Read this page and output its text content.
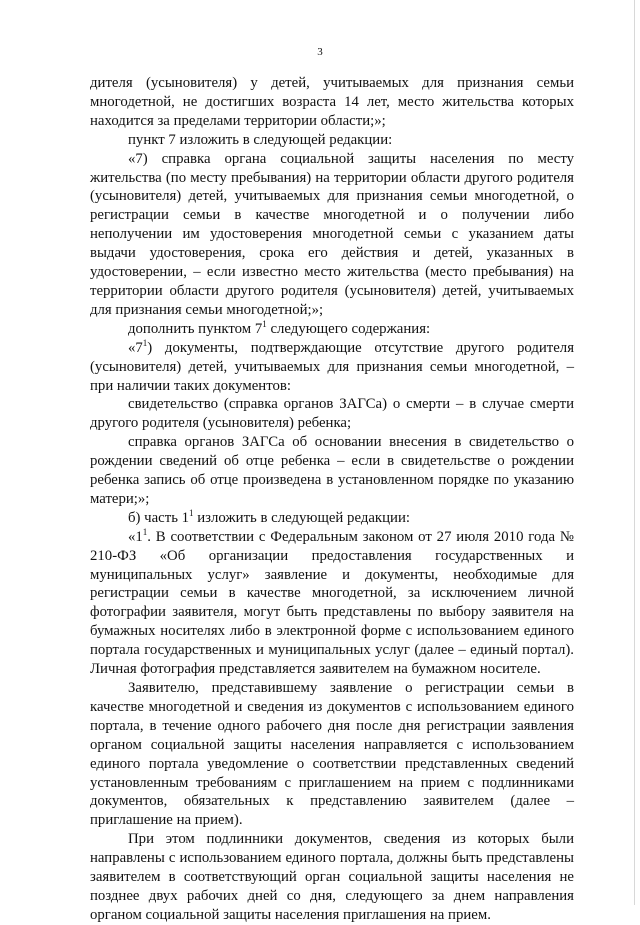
3

дителя (усыновителя) у детей, учитываемых для признания семьи многодетной, не достигших возраста 14 лет, место жительства которых находится за пределами территории области;»;

пункт 7 изложить в следующей редакции:

«7) справка органа социальной защиты населения по месту жительства (по месту пребывания) на территории области другого родителя (усыновителя) детей, учитываемых для признания семьи многодетной, о регистрации семьи в качестве многодетной и о получении либо неполучении им удостоверения многодетной семьи с указанием даты выдачи удостоверения, срока его действия и детей, указанных в удостоверении, – если известно место жительства (место пребывания) на территории области другого родителя (усыновителя) детей, учитываемых для признания семьи многодетной;»;

дополнить пунктом $7^1$ следующего содержания:

«$7^1$) документы, подтверждающие отсутствие другого родителя (усыновителя) детей, учитываемых для признания семьи многодетной, – при наличии таких документов:

свидетельство (справка органов ЗАГСа) о смерти – в случае смерти другого родителя (усыновителя) ребенка;

справка органов ЗАГСа об основании внесения в свидетельство о рождении сведений об отце ребенка – если в свидетельстве о рождении ребенка запись об отце произведена в установленном порядке по указанию матери;»;

б) часть $1^1$ изложить в следующей редакции:

«$1^1$. В соответствии с Федеральным законом от 27 июля 2010 года № 210-ФЗ «Об организации предоставления государственных и муниципальных услуг» заявление и документы, необходимые для регистрации семьи в качестве многодетной, за исключением личной фотографии заявителя, могут быть представлены по выбору заявителя на бумажных носителях либо в электронной форме с использованием единого портала государственных и муниципальных услуг (далее – единый портал). Личная фотография представляется заявителем на бумажном носителе.

Заявителю, представившему заявление о регистрации семьи в качестве многодетной и сведения из документов с использованием единого портала, в течение одного рабочего дня после дня регистрации заявления органом социальной защиты населения направляется с использованием единого портала уведомление о соответствии представленных сведений установленным требованиям с приглашением на прием с подлинниками документов, обязательных к представлению заявителем (далее – приглашение на прием).

При этом подлинники документов, сведения из которых были направлены с использованием единого портала, должны быть представлены заявителем в соответствующий орган социальной защиты населения не позднее двух рабочих дней со дня, следующего за днем направления органом социальной защиты населения приглашения на прием.
